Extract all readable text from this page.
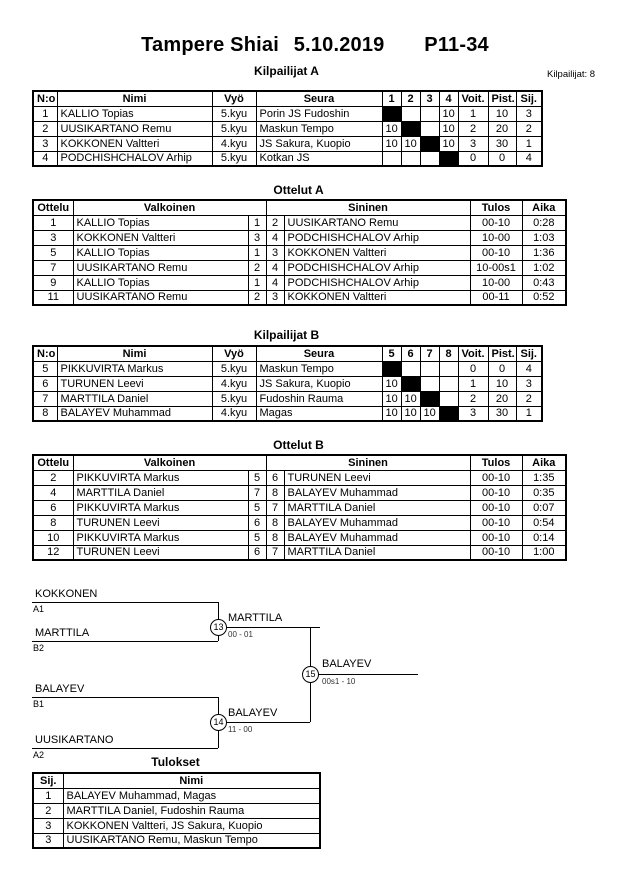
Tampere Shiai 5.10.2019 P11-34
Kilpailijat: 8
Kilpailijat A
N:o	Nimi	Vyö	Seura	1	2	3	4	Voit.	Pist.	Sij.
1	KALLIO Topias	5.kyu	Porin JS Fudoshin				10	1	10	3
2	UUSIKARTANO Remu	5.kyu	Maskun Tempo	10			10	2	20	2
3	KOKKONEN Valtteri	4.kyu	JS Sakura, Kuopio	10	10		10	3	30	1
4	PODCHISHCHALOV Arhip	5.kyu	Kotkan JS					0	0	4
Ottelut A
Ottelu	Valkoinen		Sininen		Tulos	Aika
1	KALLIO Topias	1	2	UUSIKARTANO Remu	00-10	0:28
3	KOKKONEN Valtteri	3	4	PODCHISHCHALOV Arhip	10-00	1:03
5	KALLIO Topias	1	3	KOKKONEN Valtteri	00-10	1:36
7	UUSIKARTANO Remu	2	4	PODCHISHCHALOV Arhip	10-00s1	1:02
9	KALLIO Topias	1	4	PODCHISHCHALOV Arhip	10-00	0:43
11	UUSIKARTANO Remu	2	3	KOKKONEN Valtteri	00-11	0:52
Kilpailijat B
N:o	Nimi	Vyö	Seura	5	6	7	8	Voit.	Pist.	Sij.
5	PIKKUVIRTA Markus	5.kyu	Maskun Tempo					0	0	4
6	TURUNEN Leevi	4.kyu	JS Sakura, Kuopio	10				1	10	3
7	MARTTILA Daniel	5.kyu	Fudoshin Rauma	10	10			2	20	2
8	BALAYEV Muhammad	4.kyu	Magas	10	10	10		3	30	1
Ottelut B
Ottelu	Valkoinen		Sininen		Tulos	Aika
2	PIKKUVIRTA Markus	5	6	TURUNEN Leevi	00-10	1:35
4	MARTTILA Daniel	7	8	BALAYEV Muhammad	00-10	0:35
6	PIKKUVIRTA Markus	5	7	MARTTILA Daniel	00-10	0:07
8	TURUNEN Leevi	6	8	BALAYEV Muhammad	00-10	0:54
10	PIKKUVIRTA Markus	5	8	BALAYEV Muhammad	00-10	0:14
12	TURUNEN Leevi	6	7	MARTTILA Daniel	00-10	1:00
KOKKONEN
A1
MARTTILA
B2
13
MARTTILA
00 - 01
BALAYEV
B1
UUSIKARTANO
A2
14
BALAYEV
11 - 00
15
BALAYEV
00s1 - 10
Tulokset
Sij.	Nimi
1	BALAYEV Muhammad, Magas
2	MARTTILA Daniel, Fudoshin Rauma
3	KOKKONEN Valtteri, JS Sakura, Kuopio
3	UUSIKARTANO Remu, Maskun Tempo
